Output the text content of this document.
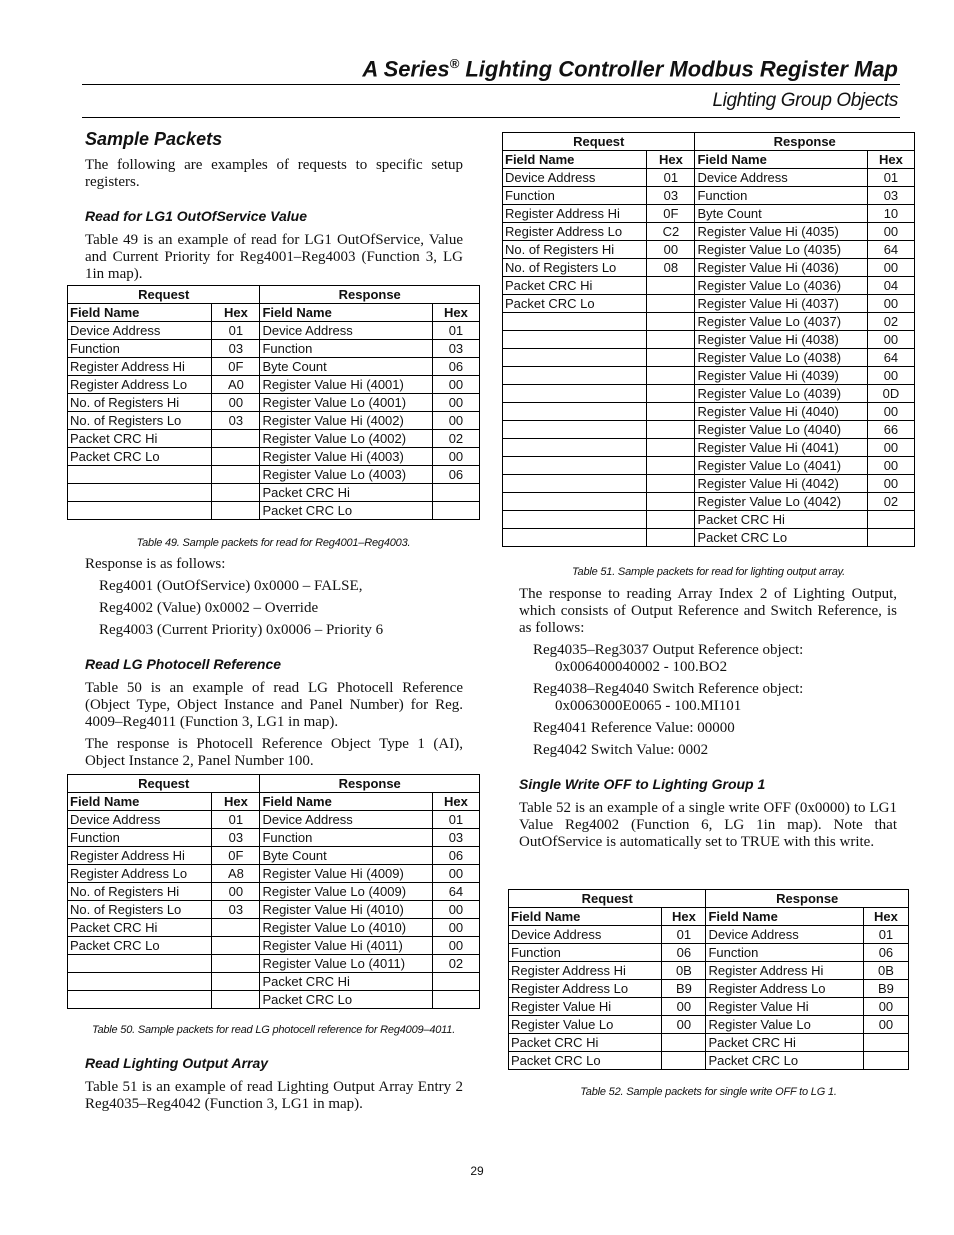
A Series® Lighting Controller Modbus Register Map
Lighting Group Objects
Sample Packets

The following are examples of requests to specific setup registers.

Read for LG1 OutOfService Value

Table 49 is an example of read for LG1 OutOfService, Value and Current Priority for Reg4001–Reg4003 (Function 3, LG 1in map).

Request		Response	
Field Name	Hex	Field Name	Hex
Device Address	01	Device Address	01
Function	03	Function	03
Register Address Hi	0F	Byte Count	06
Register Address Lo	A0	Register Value Hi (4001)	00
No. of Registers Hi	00	Register Value Lo (4001)	00
No. of Registers Lo	03	Register Value Hi (4002)	00
Packet CRC Hi		Register Value Lo (4002)	02
Packet CRC Lo		Register Value Hi (4003)	00
		Register Value Lo (4003)	06
		Packet CRC Hi	
		Packet CRC Lo	
Table 49. Sample packets for read for Reg4001–Reg4003.

Response is as follows:

Reg4001 (OutOfService) 0x0000 – FALSE,

Reg4002 (Value) 0x0002 – Override

Reg4003 (Current Priority) 0x0006 – Priority 6

Read LG Photocell Reference

Table 50 is an example of read LG Photocell Reference (Object Type, Object Instance and Panel Number) for Reg. 4009–Reg4011 (Function 3, LG1 in map).

The response is Photocell Reference Object Type 1 (AI), Object Instance 2, Panel Number 100.

Request		Response	
Field Name	Hex	Field Name	Hex
Device Address	01	Device Address	01
Function	03	Function	03
Register Address Hi	0F	Byte Count	06
Register Address Lo	A8	Register Value Hi (4009)	00
No. of Registers Hi	00	Register Value Lo (4009)	64
No. of Registers Lo	03	Register Value Hi (4010)	00
Packet CRC Hi		Register Value Lo (4010)	00
Packet CRC Lo		Register Value Hi (4011)	00
		Register Value Lo (4011)	02
		Packet CRC Hi	
		Packet CRC Lo	
Table 50. Sample packets for read LG photocell reference for Reg4009–4011.
Read Lighting Output Array

Table 51 is an example of read Lighting Output Array Entry 2 Reg4035–Reg4042 (Function 3, LG1 in map).

Request		Response	
Field Name	Hex	Field Name	Hex
Device Address	01	Device Address	01
Function	03	Function	03
Register Address Hi	0F	Byte Count	10
Register Address Lo	C2	Register Value Hi (4035)	00
No. of Registers Hi	00	Register Value Lo (4035)	64
No. of Registers Lo	08	Register Value Hi (4036)	00
Packet CRC Hi		Register Value Lo (4036)	04
Packet CRC Lo		Register Value Hi (4037)	00
		Register Value Lo (4037)	02
		Register Value Hi (4038)	00
		Register Value Lo (4038)	64
		Register Value Hi (4039)	00
		Register Value Lo (4039)	0D
		Register Value Hi (4040)	00
		Register Value Lo (4040)	66
		Register Value Hi (4041)	00
		Register Value Lo (4041)	00
		Register Value Hi (4042)	00
		Register Value Lo (4042)	02
		Packet CRC Hi	
		Packet CRC Lo	
Table 51. Sample packets for read for lighting output array.

The response to reading Array Index 2 of Lighting Output, which consists of Output Reference and Switch Reference, is as follows:

Reg4035–Reg3037 Output Reference object:
0x006400040002 - 100.BO2

Reg4038–Reg4040 Switch Reference object:
0x0063000E0065 - 100.MI101

Reg4041 Reference Value: 00000

Reg4042 Switch Value: 0002

Single Write OFF to Lighting Group 1

Table 52 is an example of a single write OFF (0x0000) to LG1 Value Reg4002 (Function 6, LG 1in map). Note that OutOfService is automatically set to TRUE with this write.

Request		Response	
Field Name	Hex	Field Name	Hex
Device Address	01	Device Address	01
Function	06	Function	06
Register Address Hi	0B	Register Address Hi	0B
Register Address Lo	B9	Register Address Lo	B9
Register Value Hi	00	Register Value Hi	00
Register Value Lo	00	Register Value Lo	00
Packet CRC Hi		Packet CRC Hi	
Packet CRC Lo		Packet CRC Lo	
Table 52. Sample packets for single write OFF to LG 1.
29
